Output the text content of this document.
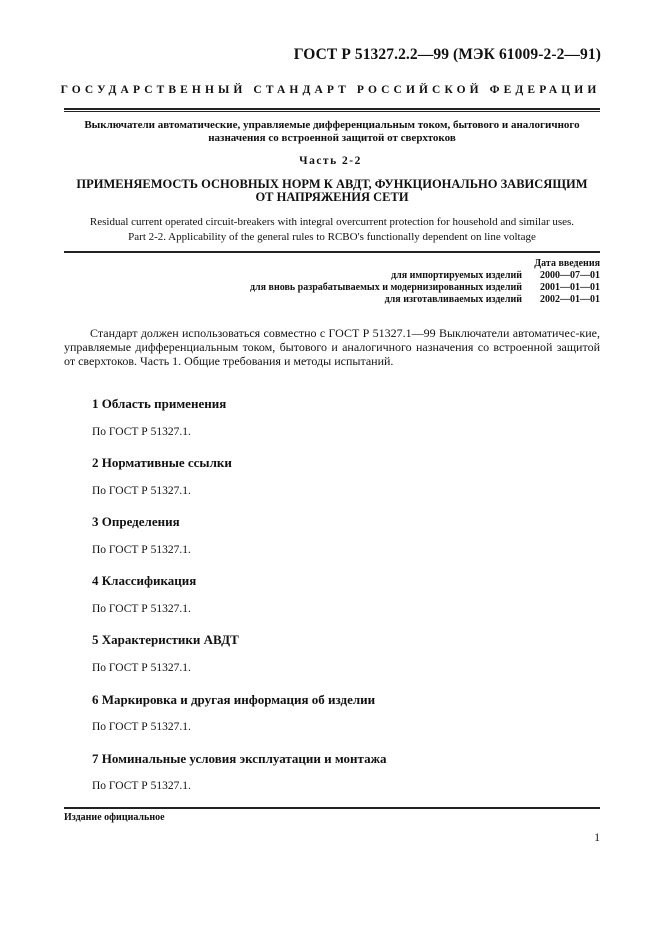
ГОСТ Р 51327.2.2—99 (МЭК 61009-2-2—91)
ГОСУДАРСТВЕННЫЙ СТАНДАРТ РОССИЙСКОЙ ФЕДЕРАЦИИ
Выключатели автоматические, управляемые дифференциальным током, бытового и аналогичного
назначения со встроенной защитой от сверхтоков
Часть 2-2
ПРИМЕНЯЕМОСТЬ ОСНОВНЫХ НОРМ К АВДТ, ФУНКЦИОНАЛЬНО ЗАВИСЯЩИМ
ОТ НАПРЯЖЕНИЯ СЕТИ
Residual current operated circuit-breakers with integral overcurrent protection for household and similar uses.
Part 2-2. Applicability of the general rules to RCBO's functionally dependent on line voltage
Дата введения
для импортируемых изделий	2000—07—01
для вновь разрабатываемых и модернизированных изделий	2001—01—01
для изготавливаемых изделий	2002—01—01
Стандарт должен использоваться совместно с ГОСТ Р 51327.1—99 Выключатели автоматичес-кие, управляемые дифференциальным током, бытового и аналогичного назначения со встроенной защитой от сверхтоков. Часть 1. Общие требования и методы испытаний.
1 Область применения
По ГОСТ Р 51327.1.
2 Нормативные ссылки
По ГОСТ Р 51327.1.
3 Определения
По ГОСТ Р 51327.1.
4 Классификация
По ГОСТ Р 51327.1.
5 Характеристики АВДТ
По ГОСТ Р 51327.1.
6 Маркировка и другая информация об изделии
По ГОСТ Р 51327.1.
7 Номинальные условия эксплуатации и монтажа
По ГОСТ Р 51327.1.
Издание официальное
1
